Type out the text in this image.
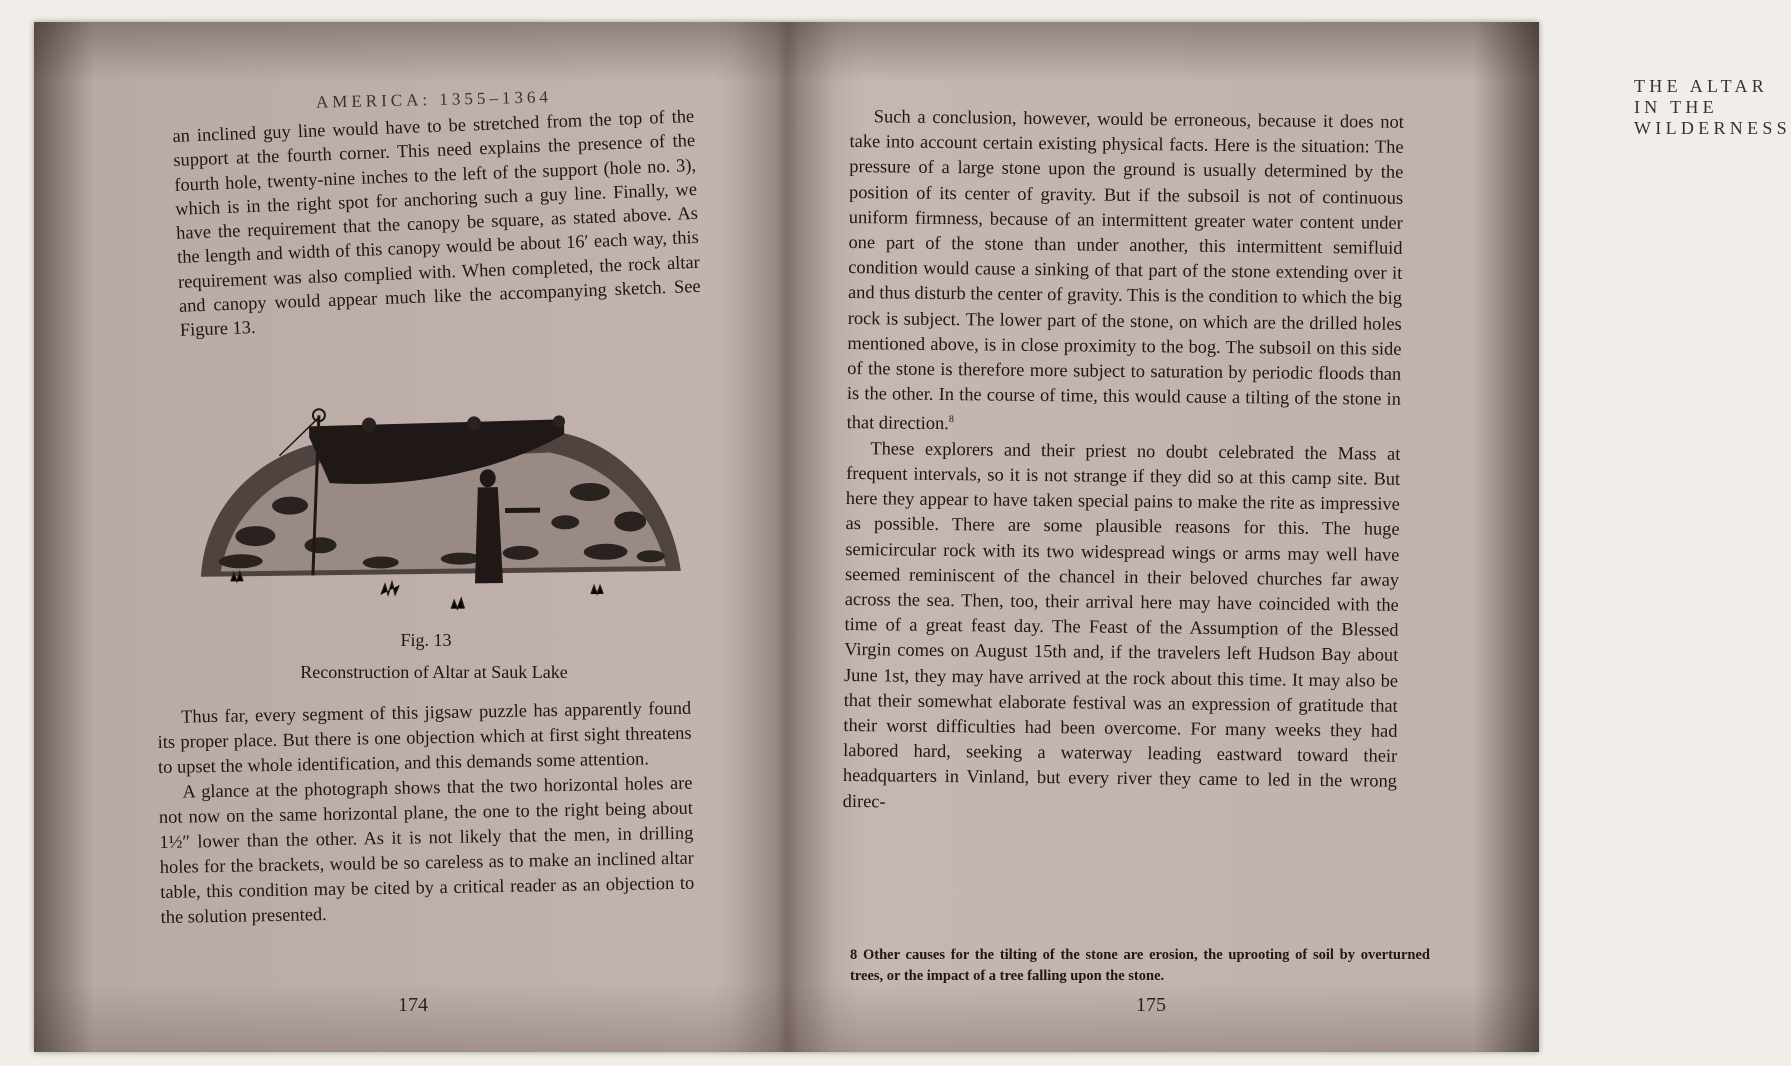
AMERICA: 1355–1364

an inclined guy line would have to be stretched from the top of the support at the fourth corner. This need explains the presence of the fourth hole, twenty-nine inches to the left of the support (hole no. 3), which is in the right spot for anchoring such a guy line. Finally, we have the requirement that the canopy be square, as stated above. As the length and width of this canopy would be about 16′ each way, this requirement was also complied with. When completed, the rock altar and canopy would appear much like the accompanying sketch. See Figure 13.

Fig. 13
Reconstruction of Altar at Sauk Lake

Thus far, every segment of this jigsaw puzzle has apparently found its proper place. But there is one objection which at first sight threatens to upset the whole identification, and this demands some attention.

A glance at the photograph shows that the two horizontal holes are not now on the same horizontal plane, the one to the right being about 1½″ lower than the other. As it is not likely that the men, in drilling holes for the brackets, would be so careless as to make an inclined altar table, this condition may be cited by a critical reader as an objection to the solution presented.

174
THE ALTAR IN THE WILDERNESS

Such a conclusion, however, would be erroneous, because it does not take into account certain existing physical facts. Here is the situation: The pressure of a large stone upon the ground is usually determined by the position of its center of gravity. But if the subsoil is not of continuous uniform firmness, because of an intermittent greater water content under one part of the stone than under another, this intermittent semifluid condition would cause a sinking of that part of the stone extending over it and thus disturb the center of gravity. This is the condition to which the big rock is subject. The lower part of the stone, on which are the drilled holes mentioned above, is in close proximity to the bog. The subsoil on this side of the stone is therefore more subject to saturation by periodic floods than is the other. In the course of time, this would cause a tilting of the stone in that direction.$^8$

These explorers and their priest no doubt celebrated the Mass at frequent intervals, so it is not strange if they did so at this camp site. But here they appear to have taken special pains to make the rite as impressive as possible. There are some plausible reasons for this. The huge semicircular rock with its two widespread wings or arms may well have seemed reminiscent of the chancel in their beloved churches far away across the sea. Then, too, their arrival here may have coincided with the time of a great feast day. The Feast of the Assumption of the Blessed Virgin comes on August 15th and, if the travelers left Hudson Bay about June 1st, they may have arrived at the rock about this time. It may also be that their somewhat elaborate festival was an expression of gratitude that their worst difficulties had been overcome. For many weeks they had labored hard, seeking a waterway leading eastward toward their headquarters in Vinland, but every river they came to led in the wrong direc-

8 Other causes for the tilting of the stone are erosion, the uprooting of soil by overturned trees, or the impact of a tree falling upon the stone.
175
